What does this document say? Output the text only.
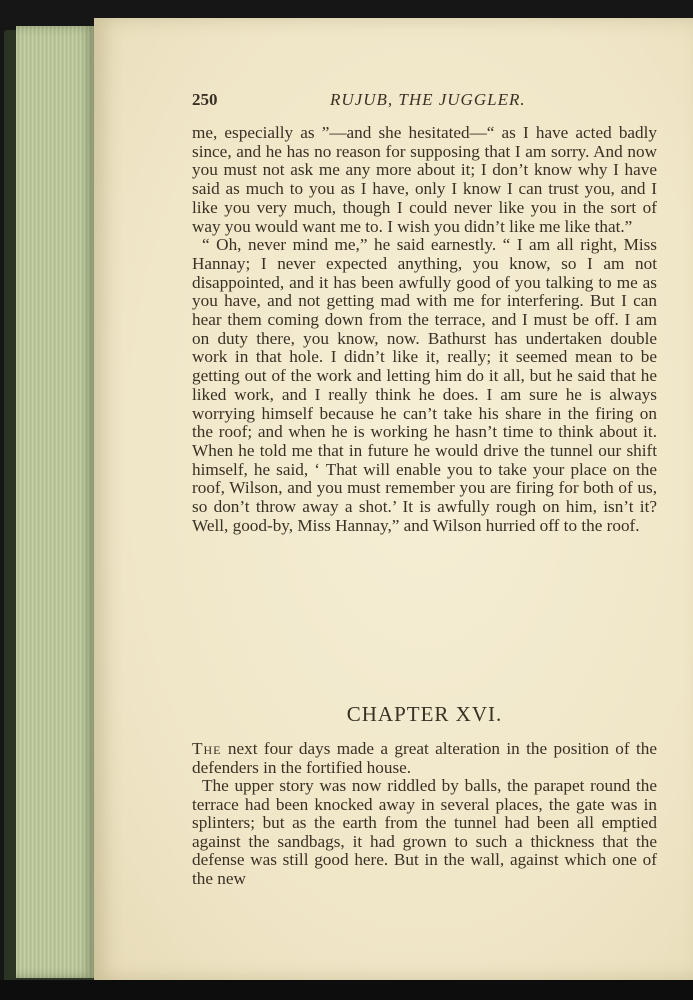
250	RUJUB, THE JUGGLER.

me, especially as ”—and she hesitated—“ as I have acted badly since, and he has no reason for supposing that I am sorry. And now you must not ask me any more about it; I don’t know why I have said as much to you as I have, only I know I can trust you, and I like you very much, though I could never like you in the sort of way you would want me to. I wish you didn’t like me like that.”

“ Oh, never mind me,” he said earnestly. “ I am all right, Miss Hannay; I never expected anything, you know, so I am not disappointed, and it has been awfully good of you talking to me as you have, and not getting mad with me for interfering. But I can hear them coming down from the terrace, and I must be off. I am on duty there, you know, now. Bathurst has undertaken double work in that hole. I didn’t like it, really; it seemed mean to be getting out of the work and letting him do it all, but he said that he liked work, and I really think he does. I am sure he is always worrying himself because he can’t take his share in the firing on the roof; and when he is working he hasn’t time to think about it. When he told me that in future he would drive the tunnel our shift himself, he said, ‘ That will enable you to take your place on the roof, Wilson, and you must remember you are firing for both of us, so don’t throw away a shot.’ It is awfully rough on him, isn’t it? Well, good-by, Miss Hannay,” and Wilson hurried off to the roof.

CHAPTER XVI.

The next four days made a great alteration in the position of the defenders in the fortified house.

The upper story was now riddled by balls, the parapet round the terrace had been knocked away in several places, the gate was in splinters; but as the earth from the tunnel had been all emptied against the sandbags, it had grown to such a thickness that the defense was still good here. But in the wall, against which one of the new
